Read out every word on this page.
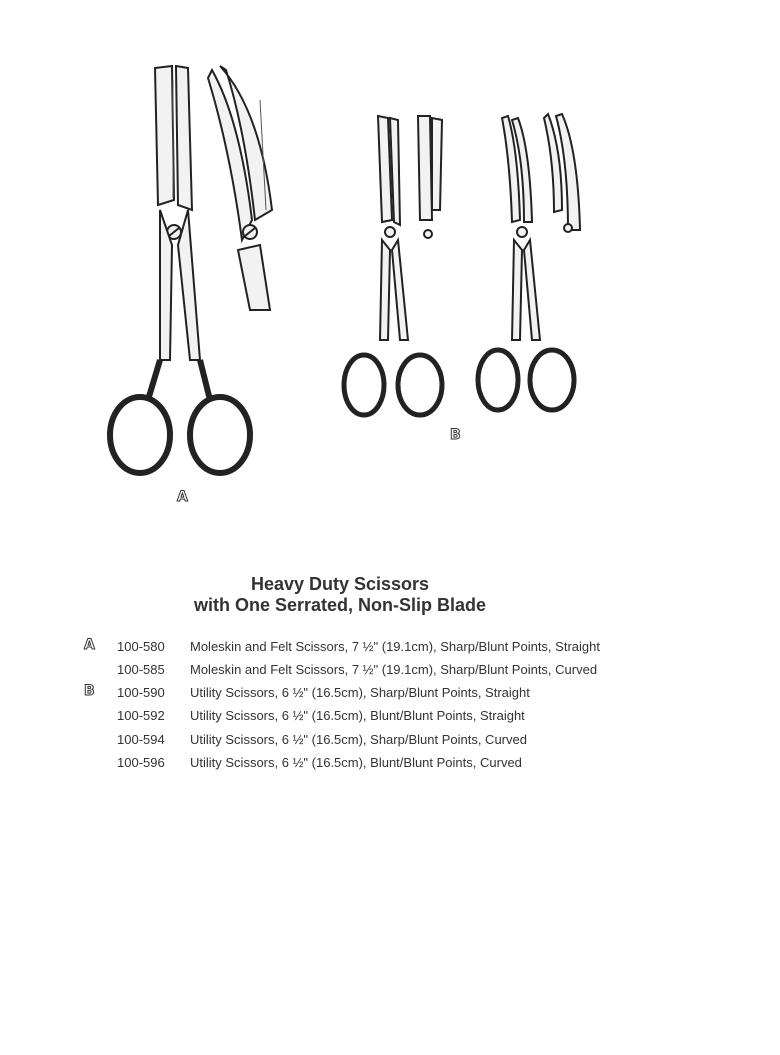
A
B
Heavy Duty Scissors
with One Serrated, Non-Slip Blade
A 100-580 Moleskin and Felt Scissors, 7 ½" (19.1cm), Sharp/Blunt Points, Straight
100-585 Moleskin and Felt Scissors, 7 ½" (19.1cm), Sharp/Blunt Points, Curved
B 100-590 Utility Scissors, 6 ½" (16.5cm), Sharp/Blunt Points, Straight
100-592 Utility Scissors, 6 ½" (16.5cm), Blunt/Blunt Points, Straight
100-594 Utility Scissors, 6 ½" (16.5cm), Sharp/Blunt Points, Curved
100-596 Utility Scissors, 6 ½" (16.5cm), Blunt/Blunt Points, Curved
